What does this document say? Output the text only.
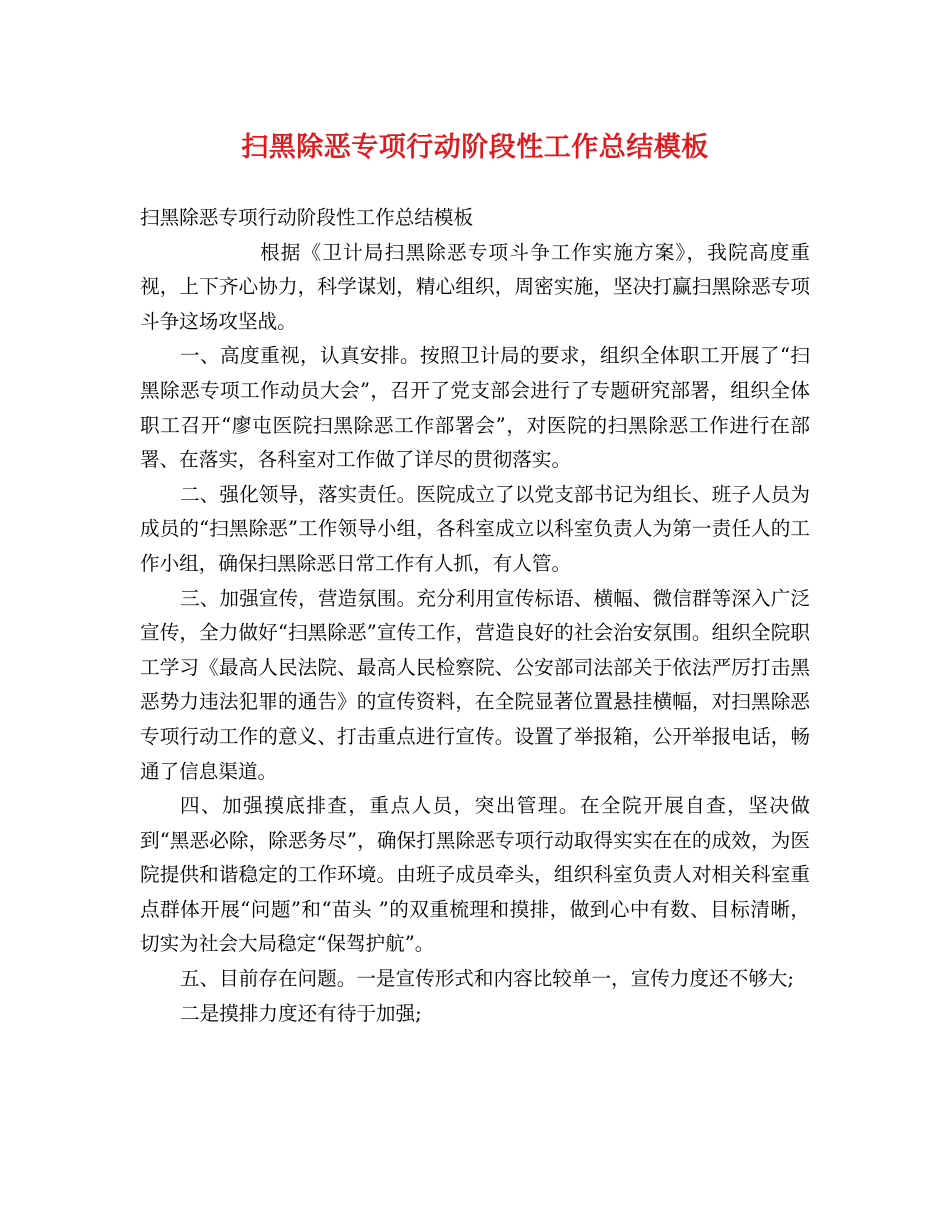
扫黑除恶专项行动阶段性工作总结模板

扫黑除恶专项行动阶段性工作总结模板

根据《卫计局扫黑除恶专项斗争工作实施方案》，我院高度重视，上下齐心协力，科学谋划，精心组织，周密实施，坚决打赢扫黑除恶专项斗争这场攻坚战。

一、高度重视，认真安排。按照卫计局的要求，组织全体职工开展了“扫黑除恶专项工作动员大会”，召开了党支部会进行了专题研究部署，组织全体职工召开“廖屯医院扫黑除恶工作部署会”，对医院的扫黑除恶工作进行在部署、在落实，各科室对工作做了详尽的贯彻落实。

二、强化领导，落实责任。医院成立了以党支部书记为组长、班子人员为成员的“扫黑除恶”工作领导小组，各科室成立以科室负责人为第一责任人的工作小组，确保扫黑除恶日常工作有人抓，有人管。

三、加强宣传，营造氛围。充分利用宣传标语、横幅、微信群等深入广泛宣传，全力做好“扫黑除恶”宣传工作，营造良好的社会治安氛围。组织全院职工学习《最高人民法院、最高人民检察院、公安部司法部关于依法严厉打击黑恶势力违法犯罪的通告》的宣传资料，在全院显著位置悬挂横幅，对扫黑除恶专项行动工作的意义、打击重点进行宣传。设置了举报箱，公开举报电话，畅通了信息渠道。

四、加强摸底排查，重点人员，突出管理。在全院开展自查，坚决做到“黑恶必除，除恶务尽”，确保打黑除恶专项行动取得实实在在的成效，为医院提供和谐稳定的工作环境。由班子成员牵头，组织科室负责人对相关科室重点群体开展“问题”和“苗头 ”的双重梳理和摸排，做到心中有数、目标清晰，切实为社会大局稳定“保驾护航”。

五、目前存在问题。一是宣传形式和内容比较单一，宣传力度还不够大;

二是摸排力度还有待于加强;
